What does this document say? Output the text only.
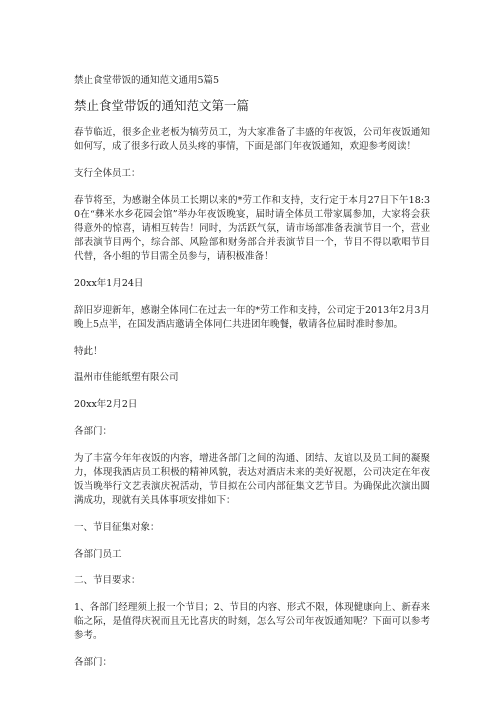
禁止食堂带饭的通知范文通用5篇5
禁止食堂带饭的通知范文第一篇

春节临近，很多企业老板为犒劳员工，为大家准备了丰盛的年夜饭，公司年夜饭通知如何写，成了很多行政人员头疼的事情，下面是部门年夜饭通知，欢迎参考阅读！

支行全体员工：

春节将至，为感谢全体员工长期以来的*劳工作和支持，支行定于本月27日下午18:30在“彝米水乡花园会馆”举办年夜饭晚宴，届时请全体员工带家属参加，大家将会获得意外的惊喜，请相互转告！同时，为活跃气氛，请市场部准备表演节目一个，营业部表演节目两个，综合部、风险部和财务部合并表演节目一个，节目不得以歌唱节目代替，各小组的节目需全员参与，请积极准备！

20xx年1月24日

辞旧岁迎新年，感谢全体同仁在过去一年的*劳工作和支持，公司定于2013年2月3月晚上5点半，在国发酒店邀请全体同仁共进团年晚餐，敬请各位届时准时参加。

特此！

温州市佳能纸塑有限公司

20xx年2月2日

各部门：

为了丰富今年年夜饭的内容，增进各部门之间的沟通、团结、友谊以及员工间的凝聚力，体现我酒店员工积极的精神风貌，表达对酒店未来的美好祝愿，公司决定在年夜饭当晚举行文艺表演庆祝活动，节目拟在公司内部征集文艺节目。为确保此次演出圆满成功，现就有关具体事项安排如下：

一、节目征集对象：

各部门员工

二、节目要求：

1、各部门经理须上报一个节目；2、节目的内容、形式不限，体现健康向上、新春来临之际，是值得庆祝而且无比喜庆的时刻，怎么写公司年夜饭通知呢？下面可以参考参考。

各部门：
